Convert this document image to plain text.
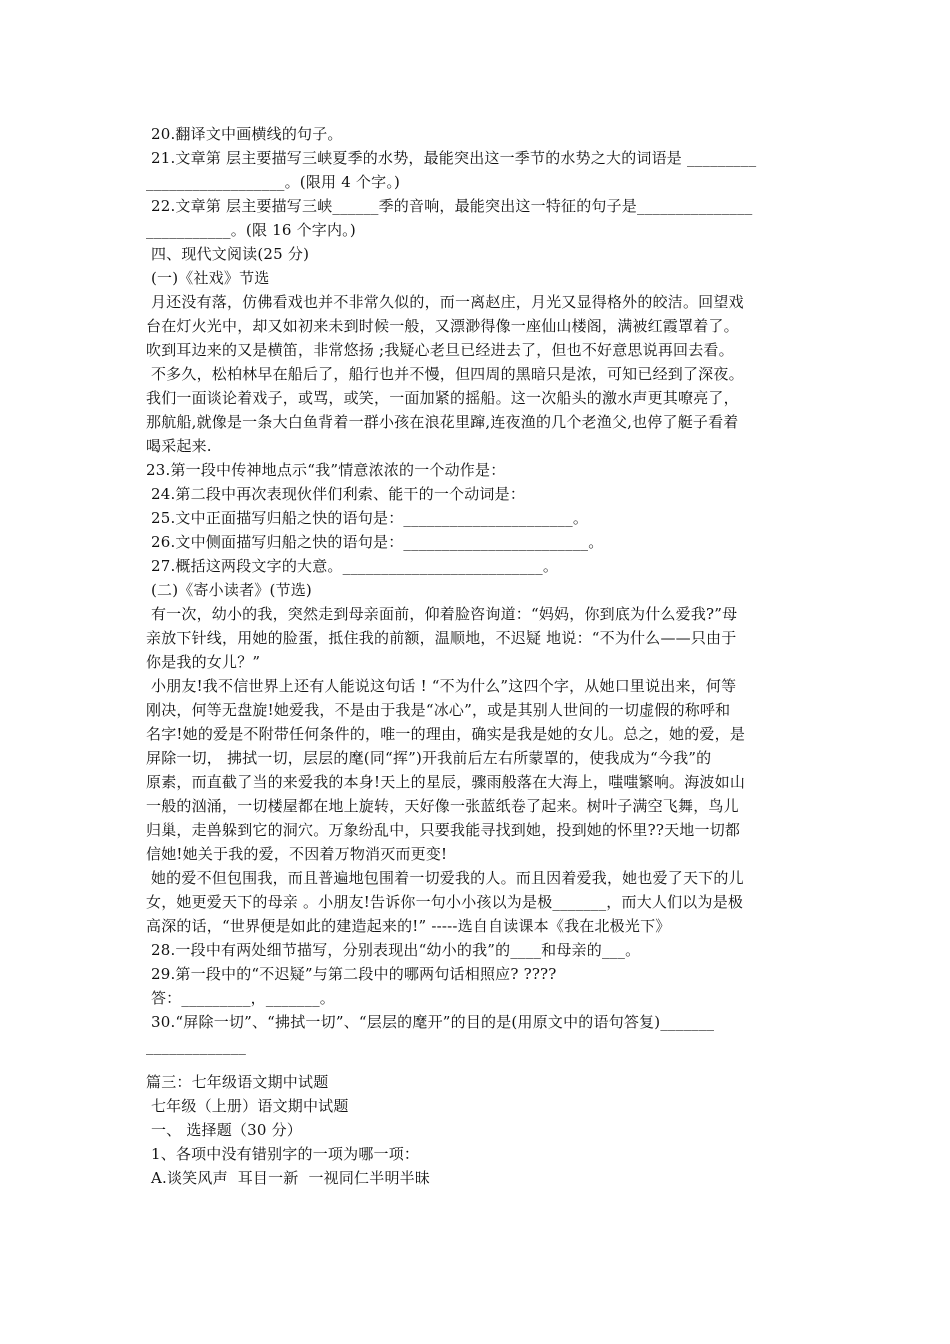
20.翻译文中画横线的句子。
21.文章第 层主要描写三峡夏季的水势，最能突出这一季节的水势之大的词语是 _________
__________________。(限用 4 个字。)
22.文章第 层主要描写三峡______季的音响，最能突出这一特征的句子是_______________
___________。(限 16 个字内。)
四、现代文阅读(25 分)
(一)《社戏》节选
月还没有落，仿佛看戏也并不非常久似的，而一离赵庄，月光又显得格外的皎洁。回望戏
台在灯火光中，却又如初来未到时候一般，又漂渺得像一座仙山楼阁，满被红霞罩着了。
吹到耳边来的又是横笛，非常悠扬 ;我疑心老旦已经进去了，但也不好意思说再回去看。
不多久，松柏林早在船后了，船行也并不慢，但四周的黑暗只是浓，可知已经到了深夜。
我们一面谈论着戏子，或骂，或笑，一面加紧的摇船。这一次船头的激水声更其嘹亮了，
那航船,就像是一条大白鱼背着一群小孩在浪花里蹿,连夜渔的几个老渔父,也停了艇子看着
喝采起来.
23.第一段中传神地点示“我”情意浓浓的一个动作是：
24.第二段中再次表现伙伴们利索、能干的一个动词是：
25.文中正面描写归船之快的语句是：______________________。
26.文中侧面描写归船之快的语句是：________________________。
27.概括这两段文字的大意。__________________________。
(二)《寄小读者》(节选)
有一次，幼小的我，突然走到母亲面前，仰着脸咨询道：“妈妈，你到底为什么爱我?”母
亲放下针线，用她的脸蛋，抵住我的前额，温顺地，不迟疑 地说：“不为什么——只由于
你是我的女儿？”
小朋友!我不信世界上还有人能说这句话 ! “不为什么”这四个字，从她口里说出来，何等
刚决，何等无盘旋!她爱我，不是由于我是“冰心”，或是其别人世间的一切虚假的称呼和
名字!她的爱是不附带任何条件的，唯一的理由，确实是我是她的女儿。总之，她的爱，是
屏除一切， 拂拭一切，层层的麾(同“挥”)开我前后左右所蒙罩的，使我成为“今我”的
原素，而直截了当的来爱我的本身!天上的星辰，骤雨般落在大海上，嗤嗤繁响。海波如山
一般的汹涌，一切楼屋都在地上旋转，天好像一张蓝纸卷了起来。树叶子满空飞舞，鸟儿
归巢，走兽躲到它的洞穴。万象纷乱中，只要我能寻找到她，投到她的怀里??天地一切都
信她!她关于我的爱，不因着万物消灭而更变!
她的爱不但包围我，而且普遍地包围着一切爱我的人。而且因着爱我，她也爱了天下的儿
女，她更爱天下的母亲 。小朋友!告诉你一句小小孩以为是极_______，而大人们以为是极
高深的话，“世界便是如此的建造起来的!” -----选自自读课本《我在北极光下》
28.一段中有两处细节描写，分别表现出“幼小的我”的____和母亲的___。
29.第一段中的“不迟疑”与第二段中的哪两句话相照应? ????
答：_________，_______。
30.“屏除一切”、“拂拭一切”、“层层的麾开”的目的是(用原文中的语句答复)_______
_____________
篇三：七年级语文期中试题
七年级（上册）语文期中试题
一、 选择题（30 分）
1、各项中没有错别字的一项为哪一项：
A.谈笑风声  耳目一新  一视同仁半明半昧
